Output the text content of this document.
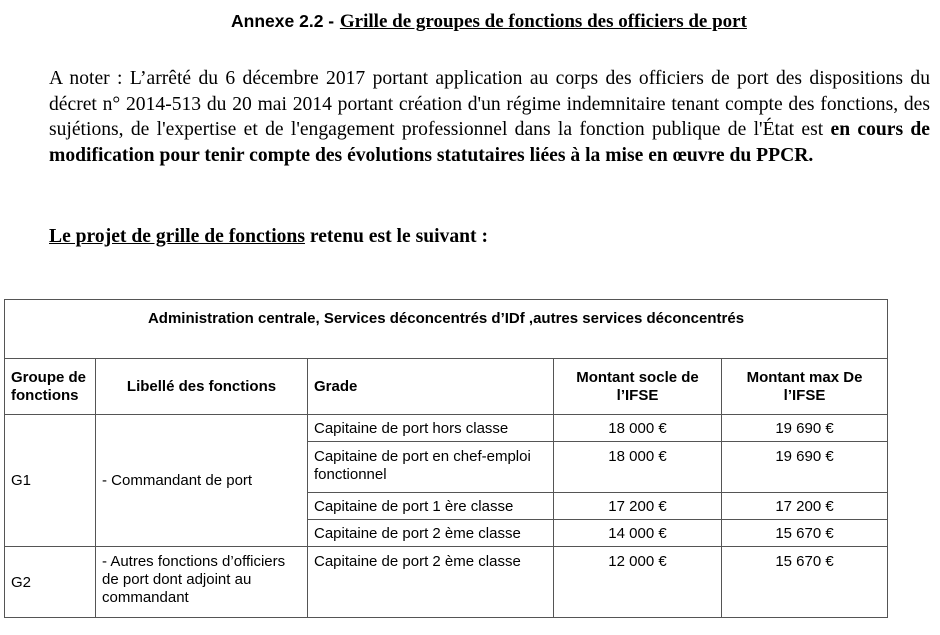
Annexe 2.2 - Grille de groupes de fonctions des officiers de port
A noter : L’arrêté du 6 décembre 2017 portant application au corps des officiers de port des dispositions du décret n° 2014-513 du 20 mai 2014 portant création d'un régime indemnitaire tenant compte des fonctions, des sujétions, de l'expertise et de l'engagement professionnel dans la fonction publique de l'État est en cours de modification pour tenir compte des évolutions statutaires liées à la mise en œuvre du PPCR.
Le projet de grille de fonctions retenu est le suivant :
Administration centrale, Services déconcentrés d’IDf ,autres services déconcentrés				
Groupe de fonctions	Libellé des fonctions	Grade	Montant socle de l’IFSE	Montant max De l’IFSE
G1	- Commandant de port	Capitaine de port hors classe	18 000 €	19 690 €
		Capitaine de port en chef-emploi fonctionnel	18 000 €	19 690 €
		Capitaine de port 1 ère classe	17 200 €	17 200 €
		Capitaine de port 2 ème classe	14 000 €	15 670 €
G2	- Autres fonctions d’officiers de port dont adjoint au commandant	Capitaine de port 2 ème classe	12 000 €	15 670 €
